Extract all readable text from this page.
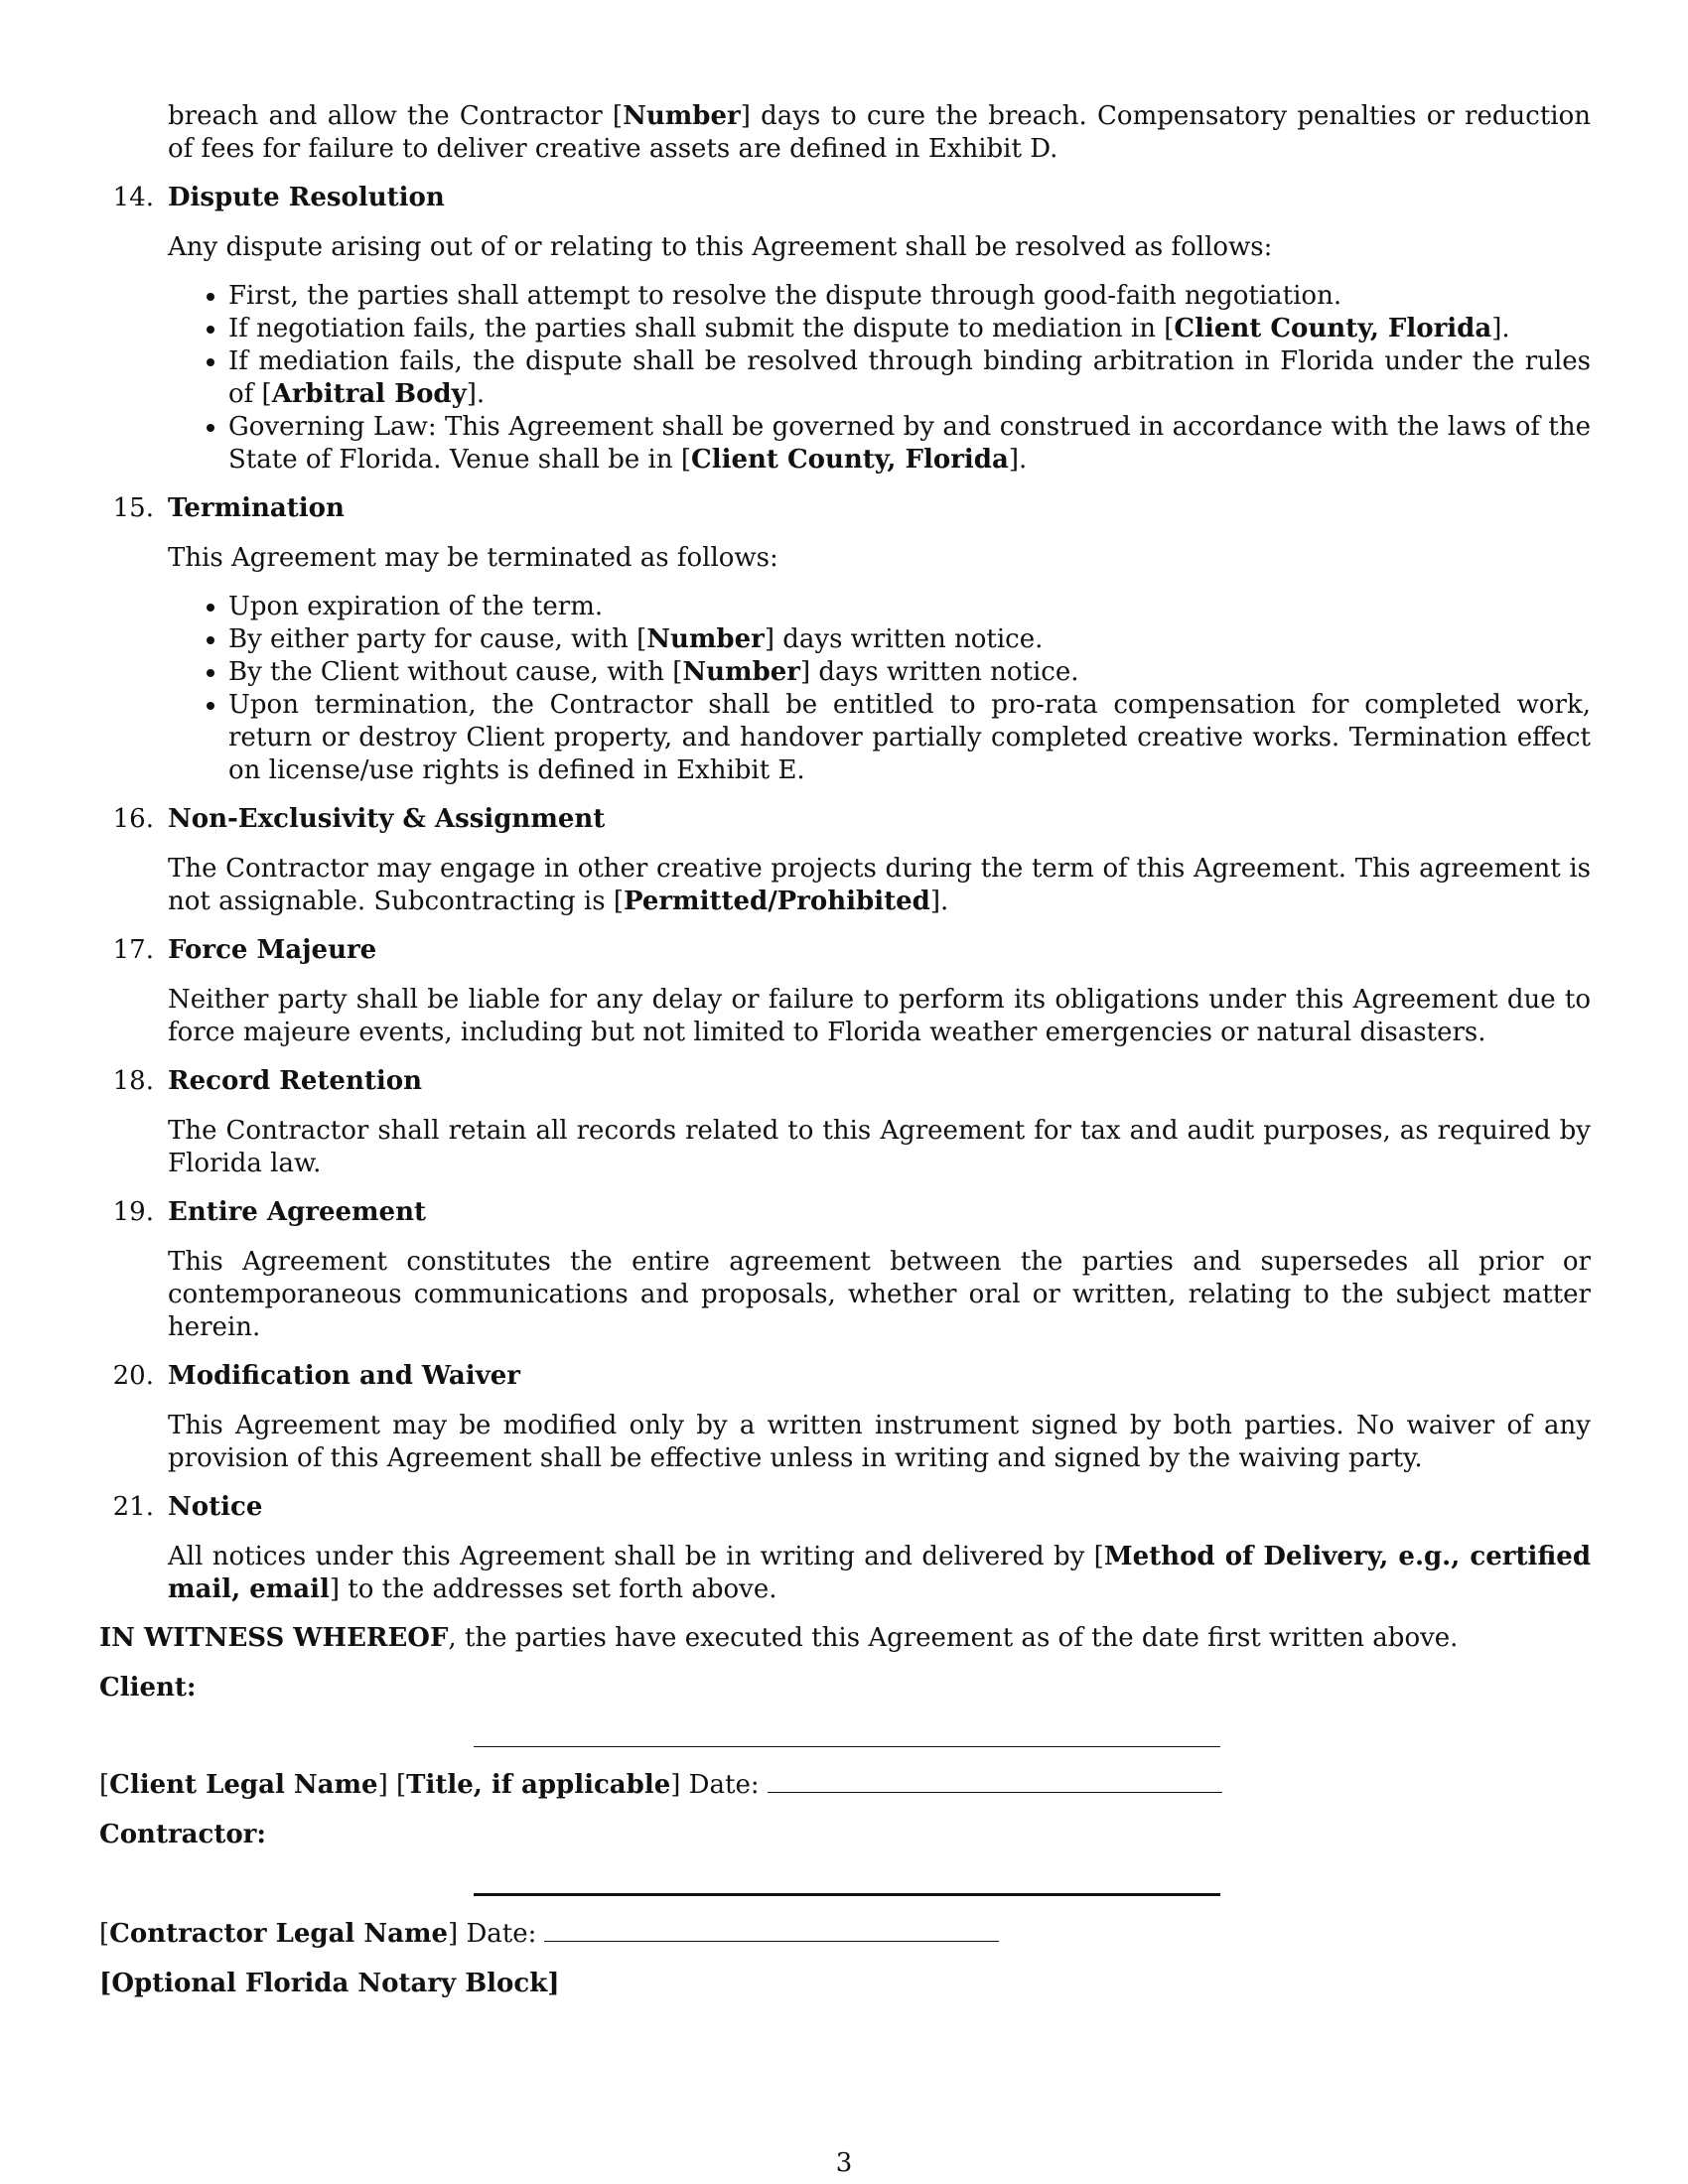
breach and allow the Contractor [Number] days to cure the breach. Compensatory penalties or reduction of fees for failure to deliver creative assets are defined in Exhibit D.

14. Dispute Resolution

Any dispute arising out of or relating to this Agreement shall be resolved as follows:

• First, the parties shall attempt to resolve the dispute through good-faith negotiation.
• If negotiation fails, the parties shall submit the dispute to mediation in [Client County, Florida].
• If mediation fails, the dispute shall be resolved through binding arbitration in Florida under the rules of [Arbitral Body].
• Governing Law: This Agreement shall be governed by and construed in accordance with the laws of the State of Florida. Venue shall be in [Client County, Florida].
15. Termination

This Agreement may be terminated as follows:

• Upon expiration of the term.
• By either party for cause, with [Number] days written notice.
• By the Client without cause, with [Number] days written notice.
• Upon termination, the Contractor shall be entitled to pro-rata compensation for completed work, return or destroy Client property, and handover partially completed creative works. Termination effect on license/use rights is defined in Exhibit E.
16. Non-Exclusivity & Assignment

The Contractor may engage in other creative projects during the term of this Agreement. This agreement is not assignable. Subcontracting is [Permitted/Prohibited].

17. Force Majeure

Neither party shall be liable for any delay or failure to perform its obligations under this Agreement due to force majeure events, including but not limited to Florida weather emergencies or natural disasters.

18. Record Retention

The Contractor shall retain all records related to this Agreement for tax and audit purposes, as required by Florida law.

19. Entire Agreement

This Agreement constitutes the entire agreement between the parties and supersedes all prior or contemporaneous communications and proposals, whether oral or written, relating to the subject matter herein.

20. Modification and Waiver

This Agreement may be modified only by a written instrument signed by both parties. No waiver of any provision of this Agreement shall be effective unless in writing and signed by the waiving party.

21. Notice

All notices under this Agreement shall be in writing and delivered by [Method of Delivery, e.g., certified mail, email] to the addresses set forth above.

IN WITNESS WHEREOF, the parties have executed this Agreement as of the date first written above.

Client:
[Client Legal Name] [Title, if applicable] Date:
Contractor:
[Contractor Legal Name] Date:
[Optional Florida Notary Block]
3
